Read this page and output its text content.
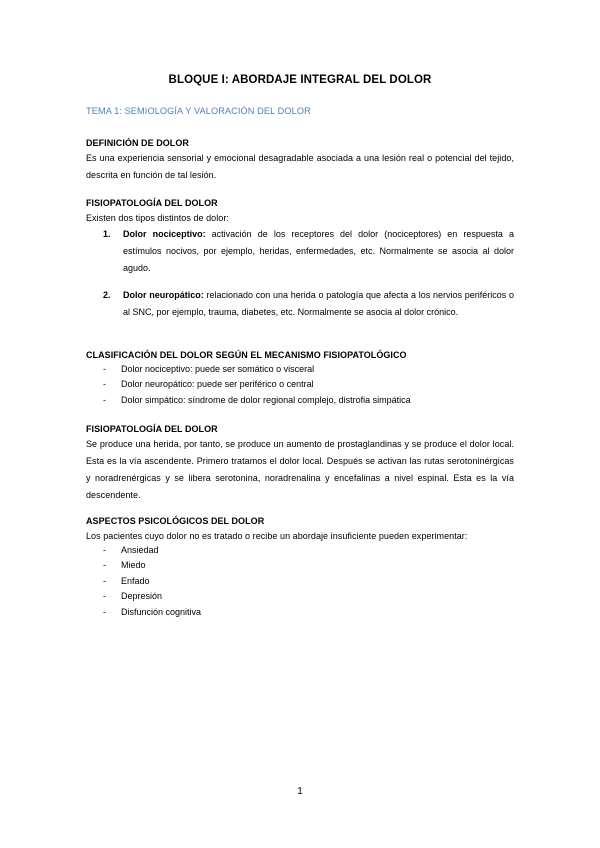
BLOQUE I: ABORDAJE INTEGRAL DEL DOLOR
TEMA 1: SEMIOLOGÍA Y VALORACIÓN DEL DOLOR
DEFINICIÓN DE DOLOR
Es una experiencia sensorial y emocional desagradable asociada a una lesión real o potencial del tejido, descrita en función de tal lesión.
FISIOPATOLOGÍA DEL DOLOR
Existen dos tipos distintos de dolor:
1. Dolor nociceptivo: activación de los receptores del dolor (nociceptores) en respuesta a estímulos nocivos, por ejemplo, heridas, enfermedades, etc. Normalmente se asocia al dolor agudo.
2. Dolor neuropático: relacionado con una herida o patología que afecta a los nervios periféricos o al SNC, por ejemplo, trauma, diabetes, etc. Normalmente se asocia al dolor crónico.
CLASIFICACIÓN DEL DOLOR SEGÚN EL MECANISMO FISIOPATOLÓGICO
- Dolor nociceptivo: puede ser somático o visceral
- Dolor neuropático: puede ser periférico o central
- Dolor simpático: síndrome de dolor regional complejo, distrofia simpática
FISIOPATOLOGÍA DEL DOLOR
Se produce una herida, por tanto, se produce un aumento de prostaglandinas y se produce el dolor local. Esta es la vía ascendente. Primero tratamos el dolor local. Después se activan las rutas serotoninérgicas y noradrenérgicas y se libera serotonina, noradrenalina y encefalinas a nivel espinal. Esta es la vía descendente.
ASPECTOS PSICOLÓGICOS DEL DOLOR
Los pacientes cuyo dolor no es tratado o recibe un abordaje insuficiente pueden experimentar:
- Ansiedad
- Miedo
- Enfado
- Depresión
- Disfunción cognitiva
1
